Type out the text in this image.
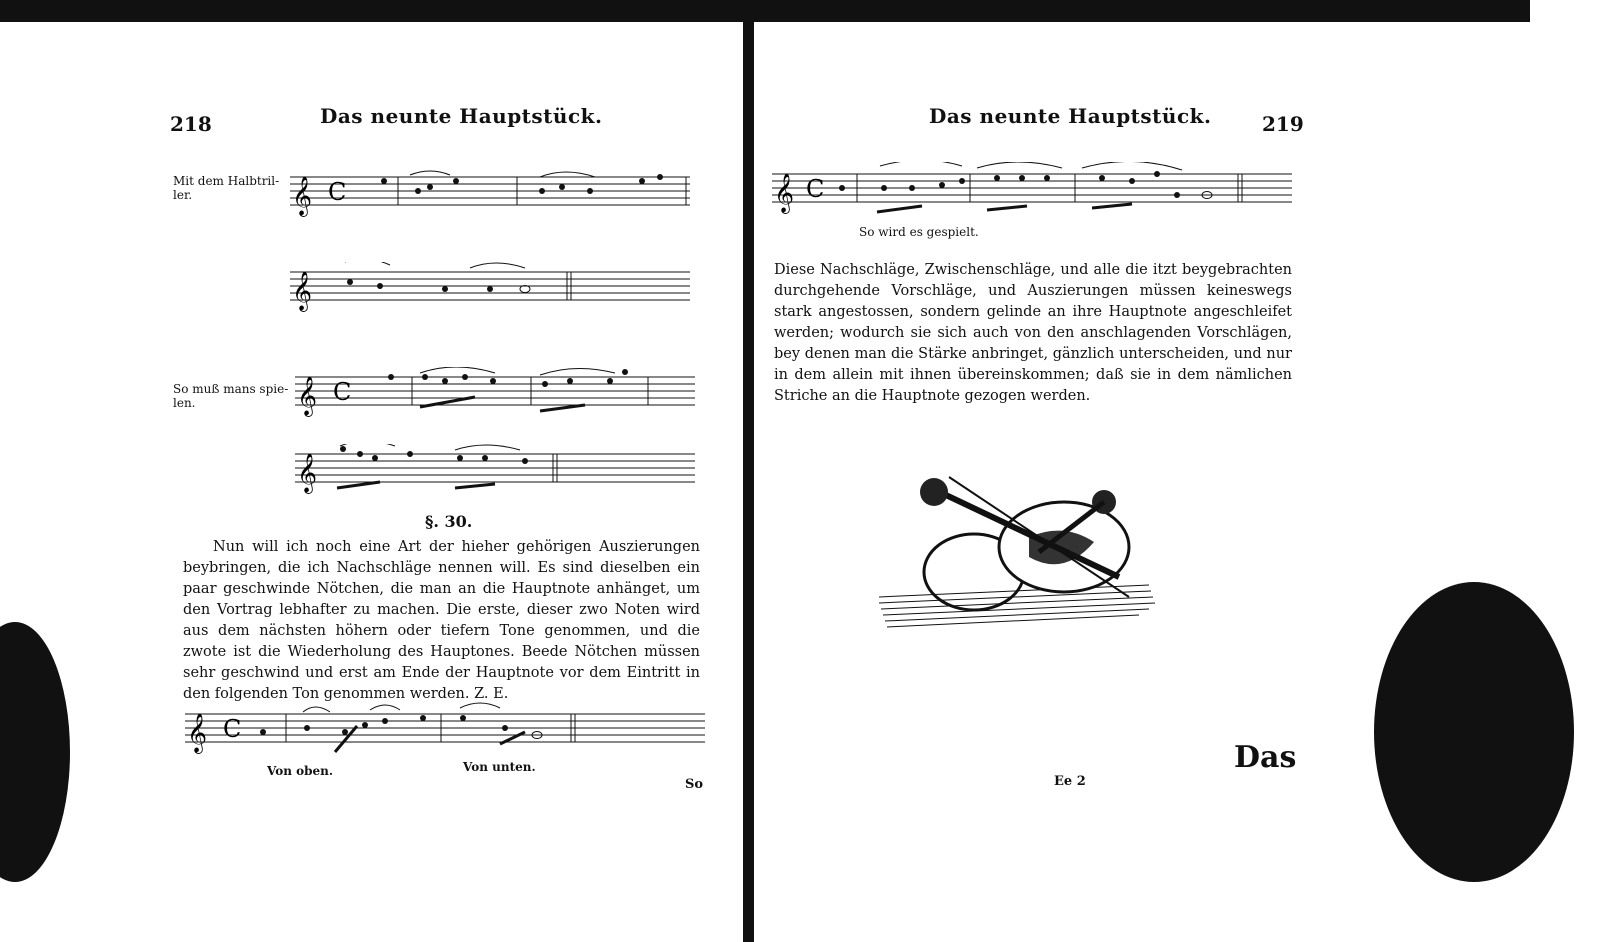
218	Das neunte Hauptstück.
Mit dem Halbtril-
ler.	𝄞 C
𝄞
So muß mans spie-
len.	𝄞 C
𝄞
§. 30.
Nun will ich noch eine Art der hieher gehörigen Auszierungen beybringen, die ich Nachschläge nennen will. Es sind dieselben ein paar geschwinde Nötchen, die man an die Hauptnote anhänget, um den Vortrag lebhafter zu machen. Die erste, dieser zwo Noten wird aus dem nächsten höhern oder tiefern Tone genommen, und die zwote ist die Wiederholung des Hauptones. Beede Nötchen müssen sehr geschwind und erst am Ende der Hauptnote vor dem Eintritt in den folgenden Ton genommen werden. Z. E.
𝄞 C
Von oben.	Von unten.
So
Das neunte Hauptstück.	219
𝄞 C
So wird es gespielt.
Diese Nachschläge, Zwischenschläge, und alle die itzt beygebrachten durchgehende Vorschläge, und Auszierungen müssen keineswegs stark angestossen, sondern gelinde an ihre Hauptnote angeschleifet werden; wodurch sie sich auch von den anschlagenden Vorschlägen, bey denen man die Stärke anbringet, gänzlich unterscheiden, und nur in dem allein mit ihnen übereinskommen; daß sie in dem nämlichen Striche an die Hauptnote gezogen werden.
Ee 2
Das
